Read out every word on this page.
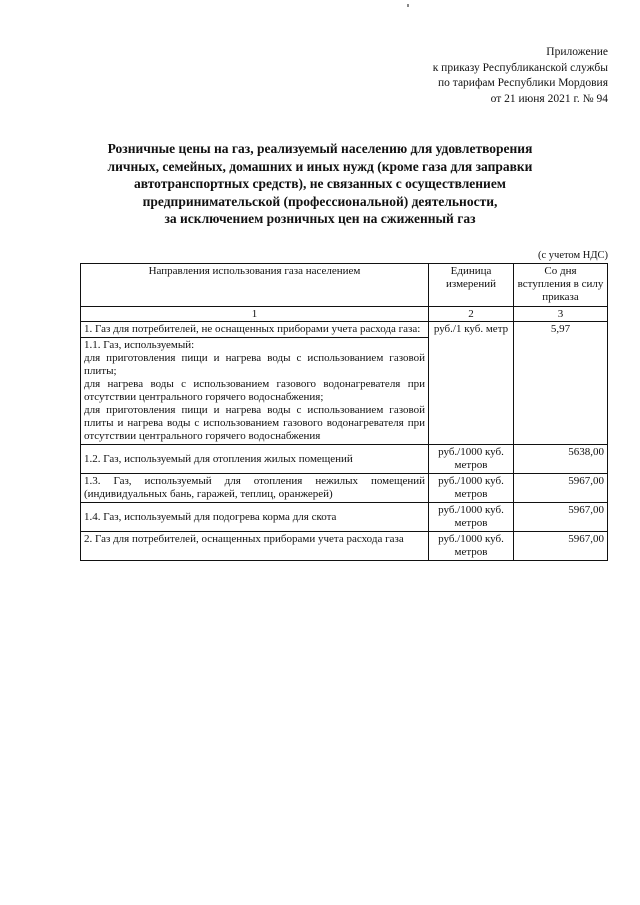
Приложение
к приказу Республиканской службы
по тарифам Республики Мордовия
от 21 июня 2021 г. № 94
Розничные цены на газ, реализуемый населению для удовлетворения
личных, семейных, домашних и иных нужд (кроме газа для заправки
автотранспортных средств), не связанных с осуществлением
предпринимательской (профессиональной) деятельности,
за исключением розничных цен на сжиженный газ
(с учетом НДС)
Направления использования газа населением	Единица измерений	Со дня вступления в силу приказа
1	2	3
1. Газ для потребителей, не оснащенных приборами учета расхода газа:	руб./1 куб. метр	5,97

1.1. Газ, используемый:

для приготовления пищи и нагрева воды с использованием газовой плиты;

для нагрева воды с использованием газового водонагревателя при отсутствии центрального горячего водоснабжения;

для приготовления пищи и нагрева воды с использованием газовой плиты и нагрева воды с использованием газового водонагревателя при отсутствии центрального горячего водоснабжения		

1.2. Газ, используемый для отопления жилых помещений	руб./1000 куб. метров	5638,00
1.3. Газ, используемый для отопления нежилых помещений (индивидуальных бань, гаражей, теплиц, оранжерей)	руб./1000 куб. метров	5967,00
1.4. Газ, используемый для подогрева корма для скота	руб./1000 куб. метров	5967,00
2. Газ для потребителей, оснащенных приборами учета расхода газа	руб./1000 куб. метров	5967,00
